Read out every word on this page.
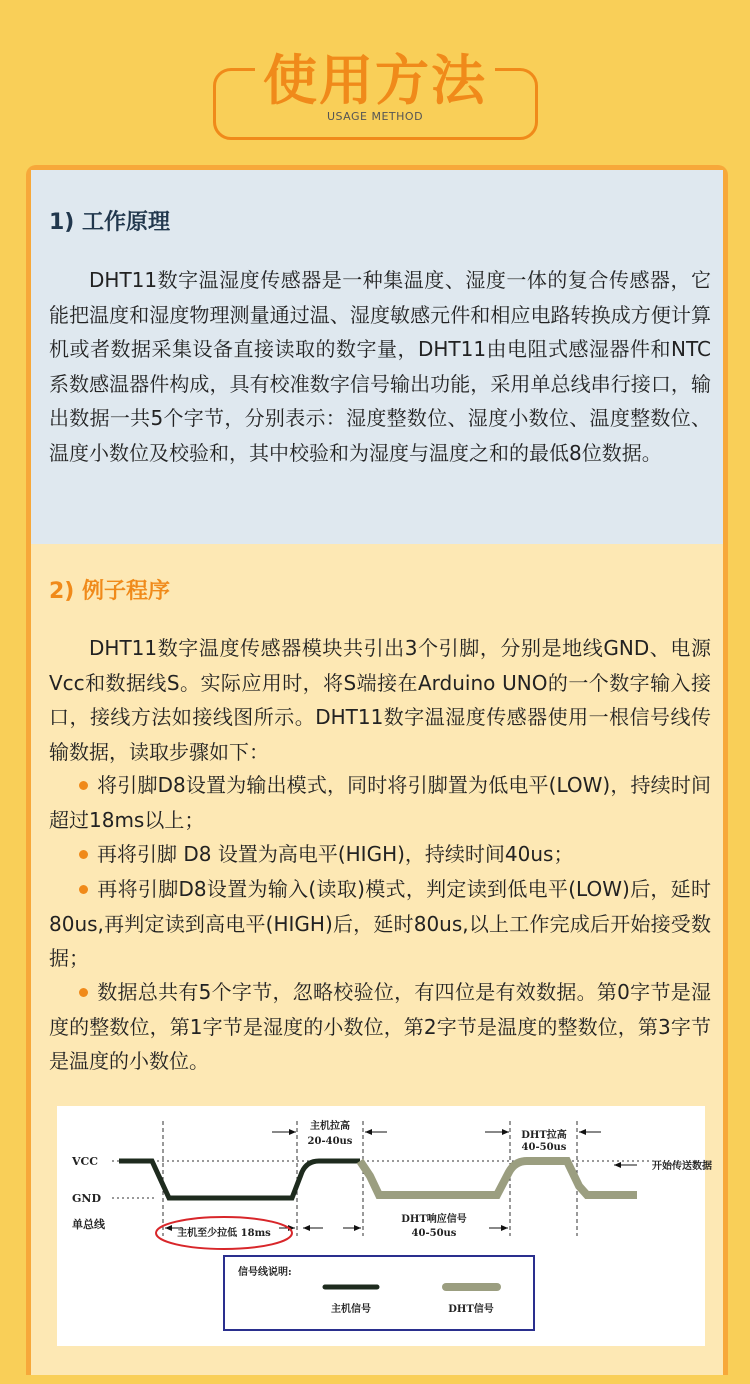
使用方法
USAGE METHOD
1) 工作原理
DHT11数字温湿度传感器是一种集温度、湿度一体的复合传感器，它能把温度和湿度物理测量通过温、湿度敏感元件和相应电路转换成方便计算机或者数据采集设备直接读取的数字量，DHT11由电阻式感湿器件和NTC系数感温器件构成，具有校准数字信号输出功能，采用单总线串行接口，输出数据一共5个字节，分别表示：湿度整数位、湿度小数位、温度整数位、温度小数位及校验和，其中校验和为湿度与温度之和的最低8位数据。
2) 例子程序
DHT11数字温度传感器模块共引出3个引脚，分别是地线GND、电源Vcc和数据线S。实际应用时，将S端接在Arduino UNO的一个数字输入接口，接线方法如接线图所示。DHT11数字温湿度传感器使用一根信号线传输数据，读取步骤如下：
将引脚D8设置为输出模式，同时将引脚置为低电平(LOW)，持续时间超过18ms以上；
再将引脚 D8 设置为高电平(HIGH)，持续时间40us；
再将引脚D8设置为输入(读取)模式，判定读到低电平(LOW)后，延时80us,再判定读到高电平(HIGH)后，延时80us,以上工作完成后开始接受数据；
数据总共有5个字节，忽略校验位，有四位是有效数据。第0字节是湿度的整数位，第1字节是湿度的小数位，第2字节是温度的整数位，第3字节是温度的小数位。
VCC
GND
单总线
主机拉高
20-40us
DHT拉高
40-50us
开始传送数据
DHT响应信号
40-50us
主机至少拉低 18ms
信号线说明:
主机信号	DHT信号
